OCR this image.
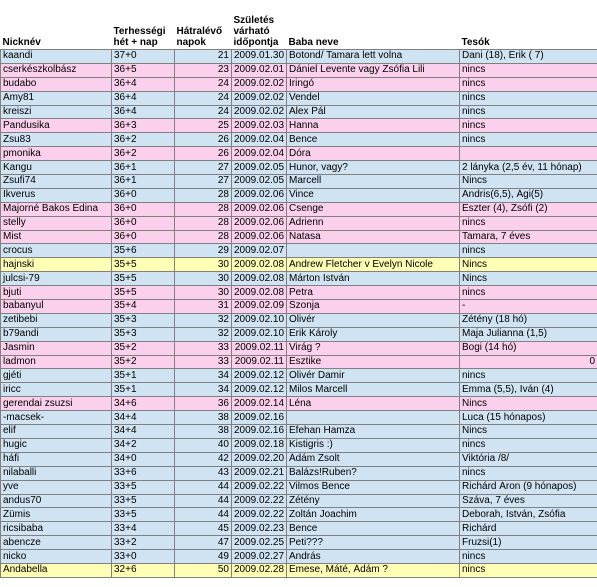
Nicknév	Terhességi hét + nap	Hátralévő napok	Születés várható időpontja	Baba neve	Tesók
kaandi	37+0	21	2009.01.30	Botond/ Tamara lett volna	Dani (18), Erik ( 7)
cserkészkolbász	36+5	23	2009.02.01	Dániel Levente vagy Zsófia Lili	nincs
budabo	36+4	24	2009.02.02	Iringó	nincs
Amy81	36+4	24	2009.02.02	Vendel	nincs
kreiszi	36+4	24	2009.02.02	Alex Pál	nincs
Pandusika	36+3	25	2009.02.03	Hanna	nincs
Zsu83	36+2	26	2009.02.04	Bence	nincs
pmonika	36+2	26	2009.02.04	Dóra	
Kangu	36+1	27	2009.02.05	Hunor, vagy?	2 lányka (2,5 év, 11 hónap)
Zsufi74	36+1	27	2009.02.05	Marcell	Nincs
Ikverus	36+0	28	2009.02.06	Vince	Andris(6,5), Ági(5)
Majorné Bakos Edina	36+0	28	2009.02.06	Csenge	Eszter (4), Zsófi (2)
stelly	36+0	28	2009.02.06	Adrienn	nincs
Mist	36+0	28	2009.02.06	Natasa	Tamara, 7 éves
crocus	35+6	29	2009.02.07		nincs
hajnski	35+5	30	2009.02.08	Andrew Fletcher v Evelyn Nicole	Nincs
julcsi-79	35+5	30	2009.02.08	Márton István	Nincs
bjuti	35+5	30	2009.02.08	Petra	nincs
babanyul	35+4	31	2009.02.09	Szonja	-
zetibebi	35+3	32	2009.02.10	Olivér	Zétény (18 hó)
b79andi	35+3	32	2009.02.10	Erik Károly	Maja Julianna (1,5)
Jasmin	35+2	33	2009.02.11	Virág ?	Bogi (14 hó)
ladmon	35+2	33	2009.02.11	Esztike	0
gjéti	35+1	34	2009.02.12	Olivér Damir	nincs
iricc	35+1	34	2009.02.12	Milos Marcell	Emma (5,5), Iván (4)
gerendai zsuzsi	34+6	36	2009.02.14	Léna	Nincs
-macsek-	34+4	38	2009.02.16		Luca (15 hónapos)
elif	34+4	38	2009.02.16	Efehan Hamza	Nincs
hugic	34+2	40	2009.02.18	Kistigris :)	nincs
háfi	34+0	42	2009.02.20	Ádám Zsolt	Viktória /8/
nilaballi	33+6	43	2009.02.21	Balázs!Ruben?	nincs
yve	33+5	44	2009.02.22	Vilmos Bence	Richárd Áron (9 hónapos)
andus70	33+5	44	2009.02.22	Zétény	Száva, 7 éves
Zümis	33+5	44	2009.02.22	Zoltán Joachim	Deborah, István, Zsófia
ricsibaba	33+4	45	2009.02.23	Bence	Richárd
abencze	33+2	47	2009.02.25	Peti???	Fruzsi(1)
nicko	33+0	49	2009.02.27	András	nincs
Andabella	32+6	50	2009.02.28	Emese, Máté, Ádám ?	nincs
